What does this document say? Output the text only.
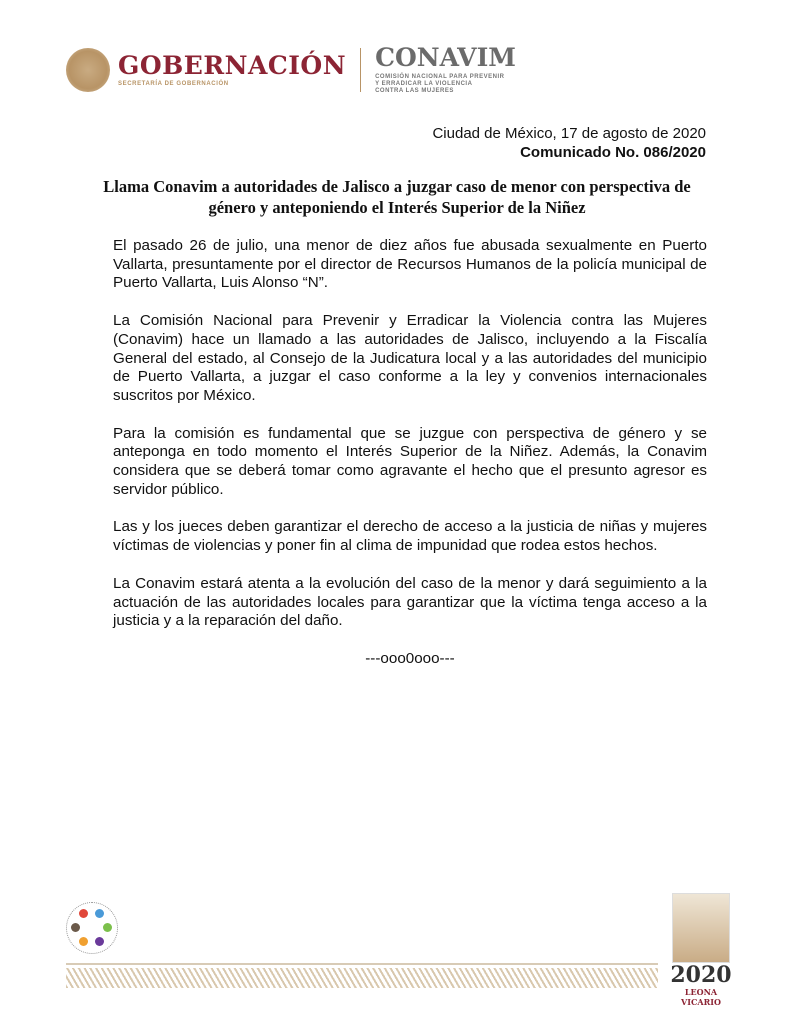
GOBERNACIÓN
SECRETARÍA DE GOBERNACIÓN
CONAVIM
COMISIÓN NACIONAL PARA PREVENIR
Y ERRADICAR LA VIOLENCIA
CONTRA LAS MUJERES
Ciudad de México, 17 de agosto de 2020
Comunicado No. 086/2020
Llama Conavim a autoridades de Jalisco a juzgar caso de menor con perspectiva de género y anteponiendo el Interés Superior de la Niñez

El pasado 26 de julio, una menor de diez años fue abusada sexualmente en Puerto Vallarta, presuntamente por el director de Recursos Humanos de la policía municipal de Puerto Vallarta, Luis Alonso “N”.

La Comisión Nacional para Prevenir y Erradicar la Violencia contra las Mujeres (Conavim) hace un llamado a las autoridades de Jalisco, incluyendo a la Fiscalía General del estado, al Consejo de la Judicatura local y a las autoridades del municipio de Puerto Vallarta, a juzgar el caso conforme a la ley y convenios internacionales suscritos por México.

Para la comisión es fundamental que se juzgue con perspectiva de género y se anteponga en todo momento el Interés Superior de la Niñez. Además, la Conavim considera que se deberá tomar como agravante el hecho que el presunto agresor es servidor público.

Las y los jueces deben garantizar el derecho de acceso a la justicia de niñas y mujeres víctimas de violencias y poner fin al clima de impunidad que rodea estos hechos.

La Conavim estará atenta a la evolución del caso de la menor y dará seguimiento a la actuación de las autoridades locales para garantizar que la víctima tenga acceso a la justicia y a la reparación del daño.

---ooo0ooo---
2020
LEONA VICARIO
